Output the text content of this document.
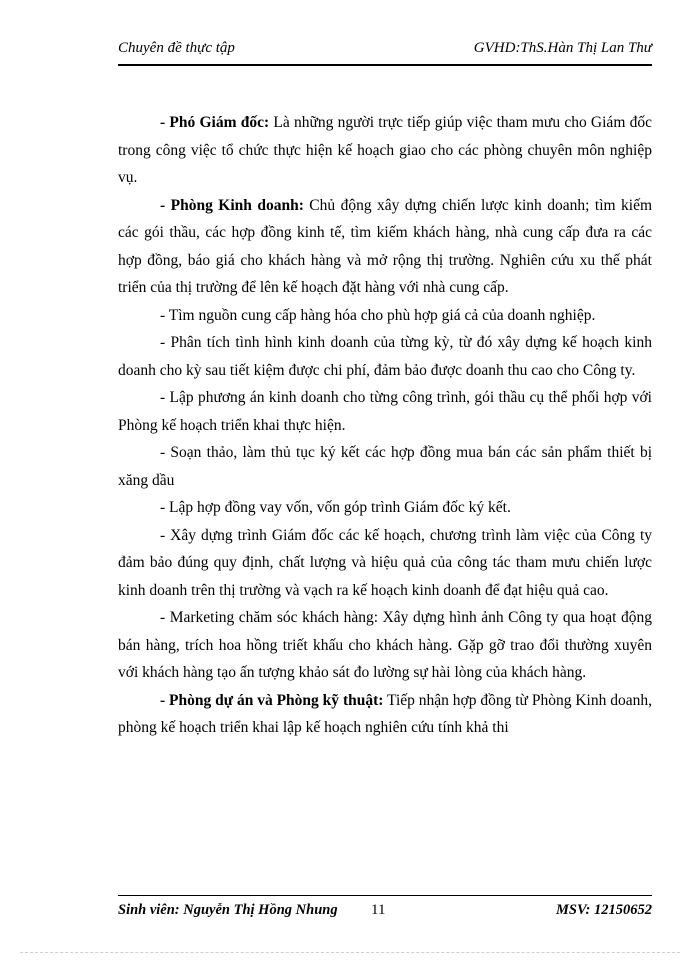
Chuyên đề thực tập	GVHD:ThS.Hàn Thị Lan Thư

- Phó Giám đốc: Là những người trực tiếp giúp việc tham mưu cho Giám đốc trong công việc tổ chức thực hiện kế hoạch giao cho các phòng chuyên môn nghiệp vụ.

- Phòng Kinh doanh: Chủ động xây dựng chiến lược kinh doanh; tìm kiếm các gói thầu, các hợp đồng kinh tế, tìm kiếm khách hàng, nhà cung cấp đưa ra các hợp đồng, báo giá cho khách hàng và mở rộng thị trường. Nghiên cứu xu thế phát triển của thị trường để lên kế hoạch đặt hàng với nhà cung cấp.

- Tìm nguồn cung cấp hàng hóa cho phù hợp giá cả của doanh nghiệp.

- Phân tích tình hình kinh doanh của từng kỳ, từ đó xây dựng kế hoạch kinh doanh cho kỳ sau tiết kiệm được chi phí, đảm bảo được doanh thu cao cho Công ty.

- Lập phương án kinh doanh cho từng công trình, gói thầu cụ thể phối hợp với Phòng kế hoạch triển khai thực hiện.

- Soạn thảo, làm thủ tục ký kết các hợp đồng mua bán các sản phẩm thiết bị xăng dầu

- Lập hợp đồng vay vốn, vốn góp trình Giám đốc ký kết.

- Xây dựng trình Giám đốc các kế hoạch, chương trình làm việc của Công ty đảm bảo đúng quy định, chất lượng và hiệu quả của công tác tham mưu chiến lược kinh doanh trên thị trường và vạch ra kế hoạch kinh doanh để đạt hiệu quả cao.

- Marketing chăm sóc khách hàng: Xây dựng hình ảnh Công ty qua hoạt động bán hàng, trích hoa hồng triết khấu cho khách hàng. Gặp gỡ trao đổi thường xuyên với khách hàng tạo ấn tượng khảo sát đo lường sự hài lòng của khách hàng.

- Phòng dự án và Phòng kỹ thuật: Tiếp nhận hợp đồng từ Phòng Kinh doanh, phòng kế hoạch triển khai lập kế hoạch nghiên cứu tính khả thi

Sinh viên: Nguyễn Thị Hồng Nhung 11	MSV: 12150652
